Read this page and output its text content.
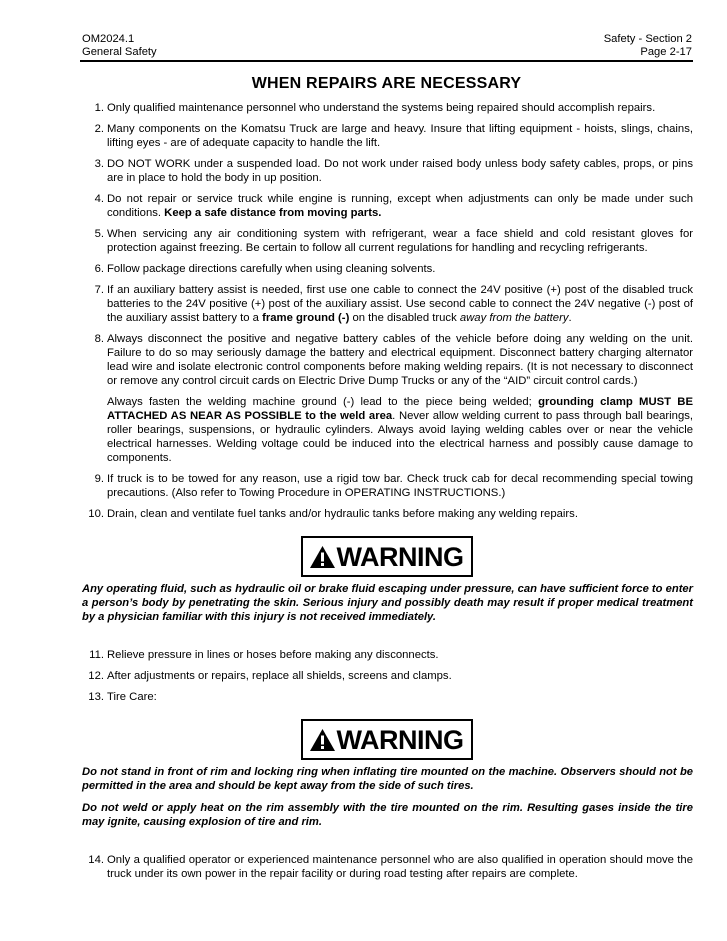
OM2024.1
General Safety
Safety - Section 2
Page 2-17
WHEN REPAIRS ARE NECESSARY
1. Only qualified maintenance personnel who understand the systems being repaired should accomplish repairs.

2. Many components on the Komatsu Truck are large and heavy. Insure that lifting equipment - hoists, slings, chains, lifting eyes - are of adequate capacity to handle the lift.

3. DO NOT WORK under a suspended load. Do not work under raised body unless body safety cables, props, or pins are in place to hold the body in up position.

4. Do not repair or service truck while engine is running, except when adjustments can only be made under such conditions. Keep a safe distance from moving parts.

5. When servicing any air conditioning system with refrigerant, wear a face shield and cold resistant gloves for protection against freezing. Be certain to follow all current regulations for handling and recycling refrigerants.

6. Follow package directions carefully when using cleaning solvents.

7. If an auxiliary battery assist is needed, first use one cable to connect the 24V positive (+) post of the disabled truck batteries to the 24V positive (+) post of the auxiliary assist. Use second cable to connect the 24V negative (-) post of the auxiliary assist battery to a frame ground (-) on the disabled truck away from the battery.

8. Always disconnect the positive and negative battery cables of the vehicle before doing any welding on the unit. Failure to do so may seriously damage the battery and electrical equipment. Disconnect battery charging alternator lead wire and isolate electronic control components before making welding repairs. (It is not necessary to disconnect or remove any control circuit cards on Electric Drive Dump Trucks or any of the “AID” circuit control cards.)

Always fasten the welding machine ground (-) lead to the piece being welded; grounding clamp MUST BE ATTACHED AS NEAR AS POSSIBLE to the weld area. Never allow welding current to pass through ball bearings, roller bearings, suspensions, or hydraulic cylinders. Always avoid laying welding cables over or near the vehicle electrical harnesses. Welding voltage could be induced into the electrical harness and possibly cause damage to components.

9. If truck is to be towed for any reason, use a rigid tow bar. Check truck cab for decal recommending special towing precautions. (Also refer to Towing Procedure in OPERATING INSTRUCTIONS.)

10. Drain, clean and ventilate fuel tanks and/or hydraulic tanks before making any welding repairs.

WARNING

Any operating fluid, such as hydraulic oil or brake fluid escaping under pressure, can have sufficient force to enter a person’s body by penetrating the skin. Serious injury and possibly death may result if proper medical treatment by a physician familiar with this injury is not received immediately.

11. Relieve pressure in lines or hoses before making any disconnects.

12. After adjustments or repairs, replace all shields, screens and clamps.

13. Tire Care:

WARNING

Do not stand in front of rim and locking ring when inflating tire mounted on the machine. Observers should not be permitted in the area and should be kept away from the side of such tires.

Do not weld or apply heat on the rim assembly with the tire mounted on the rim. Resulting gases inside the tire may ignite, causing explosion of tire and rim.

14. Only a qualified operator or experienced maintenance personnel who are also qualified in operation should move the truck under its own power in the repair facility or during road testing after repairs are complete.
